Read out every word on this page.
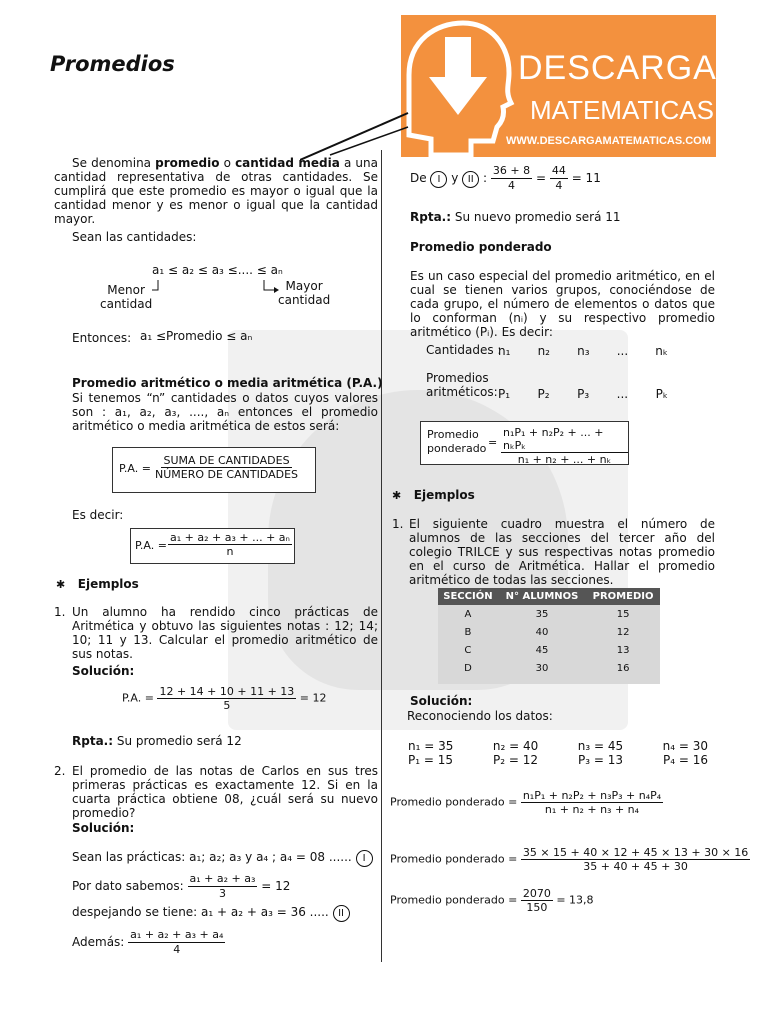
Promedios	DESCARGA
MATEMATICAS
WWW.DESCARGAMATEMATICAS.COM
Se denomina promedio o cantidad media a una cantidad representativa de otras cantidades. Se cumplirá que este promedio es mayor o igual que la cantidad menor y es menor o igual que la cantidad mayor.
Sean las cantidades:
a₁ ≤ a₂ ≤ a₃ ≤.... ≤ aₙ
Menor
cantidad
Mayor
cantidad
Entonces: a₁ ≤Promedio ≤ aₙ
Promedio aritmético o media aritmética (P.A.)
Si tenemos “n” cantidades o datos cuyos valores son : a₁, a₂, a₃, ...., aₙ entonces el promedio aritmético o media aritmética de estos será:
P.A. =
SUMA DE CANTIDADES
NÚMERO DE CANTIDADES
Es decir:
P.A. = $\frac{\text{a₁ + a₂ + a₃ + ... + aₙ}}{n}$
✱ Ejemplos
1. Un alumno ha rendido cinco prácticas de Aritmética y obtuvo las siguientes notas : 12; 14; 10; 11 y 13. Calcular el promedio aritmético de sus notas.
Solución:
P.A. = $\frac{12 + 14 + 10 + 11 + 13}{5} = 12$
Rpta.: Su promedio será 12
2. El promedio de las notas de Carlos en sus tres primeras prácticas es exactamente 12. Si en la cuarta práctica obtiene 08, ¿cuál será su nuevo promedio?
Solución:
Sean las prácticas: a₁; a₂; a₃ y a₄ ; a₄ = 08 ...... I
Por dato sabemos: $\frac{\text{a₁ + a₂ + a₃}}{3} = 12$
despejando se tiene: a₁ + a₂ + a₃ = 36 ..... II
Además: $\frac{\text{a₁ + a₂ + a₃ + a₄}}{4}$
De I y II : $\frac{36 + 8}{4} = \frac{44}{4} = 11$
Rpta.: Su nuevo promedio será 11
Promedio ponderado
Es un caso especial del promedio aritmético, en el cual se tienen varios grupos, conociéndose de cada grupo, el número de elementos o datos que lo conforman (nᵢ) y su respectivo promedio aritmético (Pᵢ). Es decir:
Cantidades :
n₁ n₂ n₃ ... nₖ
Promedios
aritméticos: P₁ P₂ P₃ ... Pₖ
Promedio
ponderado =
n₁P₁ + n₂P₂ + ... + nₖPₖ
n₁ + n₂ + ... + nₖ
✱ Ejemplos
1. El siguiente cuadro muestra el número de alumnos de las secciones del tercer año del colegio TRILCE y sus respectivas notas promedio en el curso de Aritmética. Hallar el promedio aritmético de todas las secciones.
SECCIÓN	N° ALUMNOS	PROMEDIO
A	35	15
B	40	12
C	45	13
D	30	16
Solución:
Reconociendo los datos:
n₁ = 35	n₂ = 40	n₃ = 45	n₄ = 30
P₁ = 15	P₂ = 12	P₃ = 13	P₄ = 16
Promedio ponderado = $\frac{\text{n₁P₁ + n₂P₂ + n₃P₃ + n₄P₄}}{\text{n₁ + n₂ + n₃ + n₄}}$
Promedio ponderado = $\frac{35 \times 15 + 40 \times 12 + 45 \times 13 + 30 \times 16}{35 + 40 + 45 + 30}$
Promedio ponderado = $\frac{2070}{150} = 13,8$
